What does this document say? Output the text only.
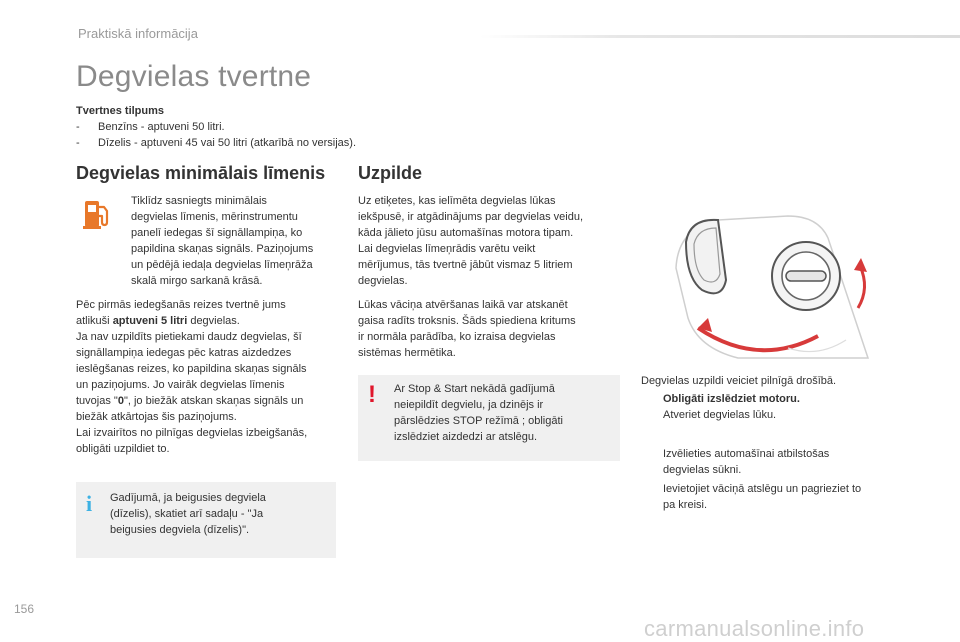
Praktiskā informācija
Degvielas tvertne
Tvertnes tilpums
- Benzīns - aptuveni 50 litri.
- Dīzelis - aptuveni 45 vai 50 litri (atkarībā no versijas).
Degvielas minimālais līmenis
Tiklīdz sasniegts minimālais
degvielas līmenis, mērinstrumentu
panelī iedegas šī signāllampiņa, ko
papildina skaņas signāls. Paziņojums
un pēdējā iedaļa degvielas līmeņrāža
skalā mirgo sarkanā krāsā.
Pēc pirmās iedegšanās reizes tvertnē jums
atlikuši aptuveni 5 litri degvielas.
Ja nav uzpildīts pietiekami daudz degvielas, šī
signāllampiņa iedegas pēc katras aizdedzes
ieslēgšanas reizes, ko papildina skaņas signāls
un paziņojums. Jo vairāk degvielas līmenis
tuvojas "0", jo biežāk atskan skaņas signāls un
biežāk atkārtojas šis paziņojums.
Lai izvairītos no pilnīgas degvielas izbeigšanās,
obligāti uzpildiet to.
i Gadījumā, ja beigusies degviela
(dīzelis), skatiet arī sadaļu - "Ja
beigusies degviela (dīzelis)".
Uzpilde
Uz etiķetes, kas ielīmēta degvielas lūkas
iekšpusē, ir atgādinājums par degvielas veidu,
kāda jālieto jūsu automašīnas motora tipam.
Lai degvielas līmeņrādis varētu veikt
mērījumus, tās tvertnē jābūt vismaz 5 litriem
degvielas.
Lūkas vāciņa atvēršanas laikā var atskanēt
gaisa radīts troksnis. Šāds spiediena kritums
ir normāla parādība, ko izraisa degvielas
sistēmas hermētika.
! Ar Stop & Start nekādā gadījumā
neiepildīt degvielu, ja dzinējs ir
pārslēdzies STOP režīmā ; obligāti
izslēdziet aizdedzi ar atslēgu.
Degvielas uzpildi veiciet pilnīgā drošībā.
Obligāti izslēdziet motoru.
Atveriet degvielas lūku.
Izvēlieties automašīnai atbilstošas
degvielas sūkni.
Ievietojiet vāciņā atslēgu un pagrieziet to
pa kreisi.
156
carmanualsonline.info
